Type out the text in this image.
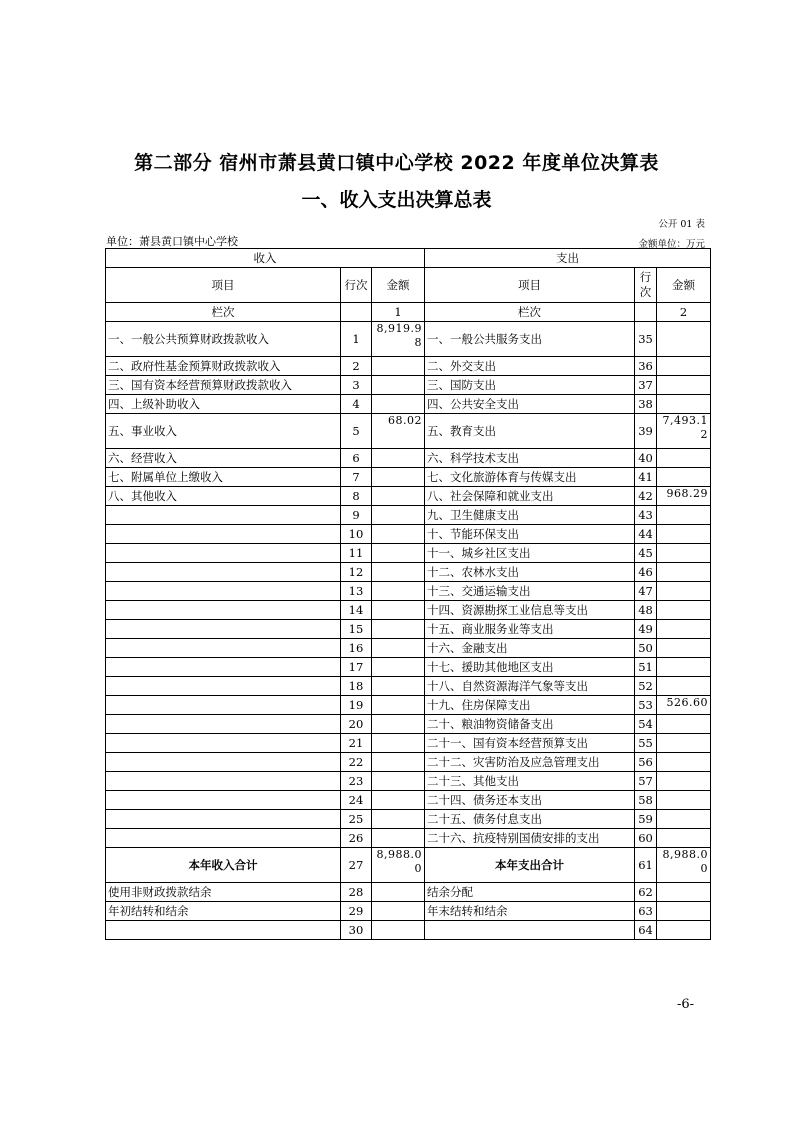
第二部分 宿州市萧县黄口镇中心学校 2022 年度单位决算表
一、收入支出决算总表
公开 01 表
单位：萧县黄口镇中心学校	金额单位：万元
收入			支出		
项目	行次	金额	项目	行次	金额
栏次		1	栏次		2
一、一般公共预算财政拨款收入	1	8,919.98	一、一般公共服务支出	35	
二、政府性基金预算财政拨款收入	2		二、外交支出	36	
三、国有资本经营预算财政拨款收入	3		三、国防支出	37	
四、上级补助收入	4		四、公共安全支出	38	
五、事业收入	5	68.02	五、教育支出	39	7,493.12
六、经营收入	6		六、科学技术支出	40	
七、附属单位上缴收入	7		七、文化旅游体育与传媒支出	41	
八、其他收入	8		八、社会保障和就业支出	42	968.29
	9		九、卫生健康支出	43	
	10		十、节能环保支出	44	
	11		十一、城乡社区支出	45	
	12		十二、农林水支出	46	
	13		十三、交通运输支出	47	
	14		十四、资源勘探工业信息等支出	48	
	15		十五、商业服务业等支出	49	
	16		十六、金融支出	50	
	17		十七、援助其他地区支出	51	
	18		十八、自然资源海洋气象等支出	52	
	19		十九、住房保障支出	53	526.60
	20		二十、粮油物资储备支出	54	
	21		二十一、国有资本经营预算支出	55	
	22		二十二、灾害防治及应急管理支出	56	
	23		二十三、其他支出	57	
	24		二十四、债务还本支出	58	
	25		二十五、债务付息支出	59	
	26		二十六、抗疫特别国债安排的支出	60	
本年收入合计	27	8,988.00	本年支出合计	61	8,988.00
使用非财政拨款结余	28		结余分配	62	
年初结转和结余	29		年末结转和结余	63	
	30			64	
-6-
